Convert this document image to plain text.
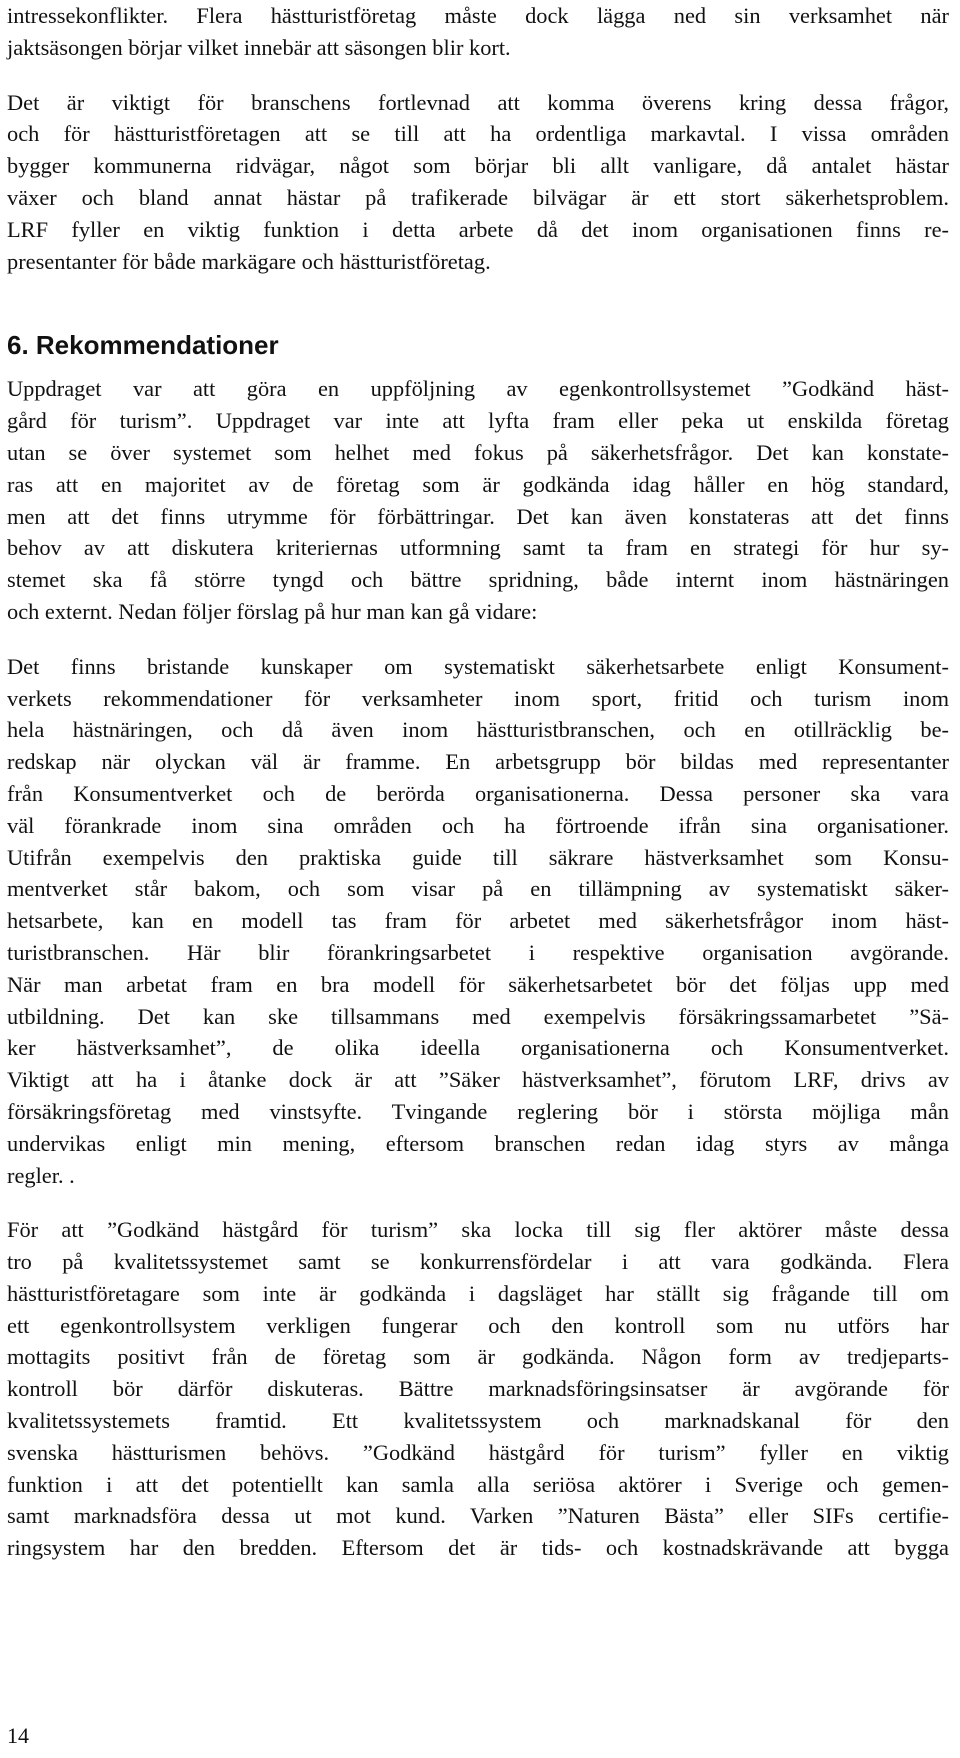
intressekonflikter. Flera hästturistföretag måste dock lägga ned sin verksamhet när
jaktsäsongen börjar vilket innebär att säsongen blir kort.
Det är viktigt för branschens fortlevnad att komma överens kring dessa frågor,
och för hästturistföretagen att se till att ha ordentliga markavtal. I vissa områden
bygger kommunerna ridvägar, något som börjar bli allt vanligare, då antalet hästar
växer och bland annat hästar på trafikerade bilvägar är ett stort säkerhetsproblem.
LRF fyller en viktig funktion i detta arbete då det inom organisationen finns re-
presentanter för både markägare och hästturistföretag.
6. Rekommendationer
Uppdraget var att göra en uppföljning av egenkontrollsystemet ”Godkänd häst-
gård för turism”. Uppdraget var inte att lyfta fram eller peka ut enskilda företag
utan se över systemet som helhet med fokus på säkerhetsfrågor. Det kan konstate-
ras att en majoritet av de företag som är godkända idag håller en hög standard,
men att det finns utrymme för förbättringar. Det kan även konstateras att det finns
behov av att diskutera kriteriernas utformning samt ta fram en strategi för hur sy-
stemet ska få större tyngd och bättre spridning, både internt inom hästnäringen
och externt. Nedan följer förslag på hur man kan gå vidare:
Det finns bristande kunskaper om systematiskt säkerhetsarbete enligt Konsument-
verkets rekommendationer för verksamheter inom sport, fritid och turism inom
hela hästnäringen, och då även inom hästturistbranschen, och en otillräcklig be-
redskap när olyckan väl är framme. En arbetsgrupp bör bildas med representanter
från Konsumentverket och de berörda organisationerna. Dessa personer ska vara
väl förankrade inom sina områden och ha förtroende ifrån sina organisationer.
Utifrån exempelvis den praktiska guide till säkrare hästverksamhet som Konsu-
mentverket står bakom, och som visar på en tillämpning av systematiskt säker-
hetsarbete, kan en modell tas fram för arbetet med säkerhetsfrågor inom häst-
turistbranschen. Här blir förankringsarbetet i respektive organisation avgörande.
När man arbetat fram en bra modell för säkerhetsarbetet bör det följas upp med
utbildning. Det kan ske tillsammans med exempelvis försäkringssamarbetet ”Sä-
ker hästverksamhet”, de olika ideella organisationerna och Konsumentverket.
Viktigt att ha i åtanke dock är att ”Säker hästverksamhet”, förutom LRF, drivs av
försäkringsföretag med vinstsyfte. Tvingande reglering bör i största möjliga mån
undervikas enligt min mening, eftersom branschen redan idag styrs av många
regler. .
För att ”Godkänd hästgård för turism” ska locka till sig fler aktörer måste dessa
tro på kvalitetssystemet samt se konkurrensfördelar i att vara godkända. Flera
hästturistföretagare som inte är godkända i dagsläget har ställt sig frågande till om
ett egenkontrollsystem verkligen fungerar och den kontroll som nu utförs har
mottagits positivt från de företag som är godkända. Någon form av tredjeparts-
kontroll bör därför diskuteras. Bättre marknadsföringsinsatser är avgörande för
kvalitetssystemets framtid. Ett kvalitetssystem och marknadskanal för den
svenska hästturismen behövs. ”Godkänd hästgård för turism” fyller en viktig
funktion i att det potentiellt kan samla alla seriösa aktörer i Sverige och gemen-
samt marknadsföra dessa ut mot kund. Varken ”Naturen Bästa” eller SIFs certifie-
ringsystem har den bredden. Eftersom det är tids- och kostnadskrävande att bygga
14
